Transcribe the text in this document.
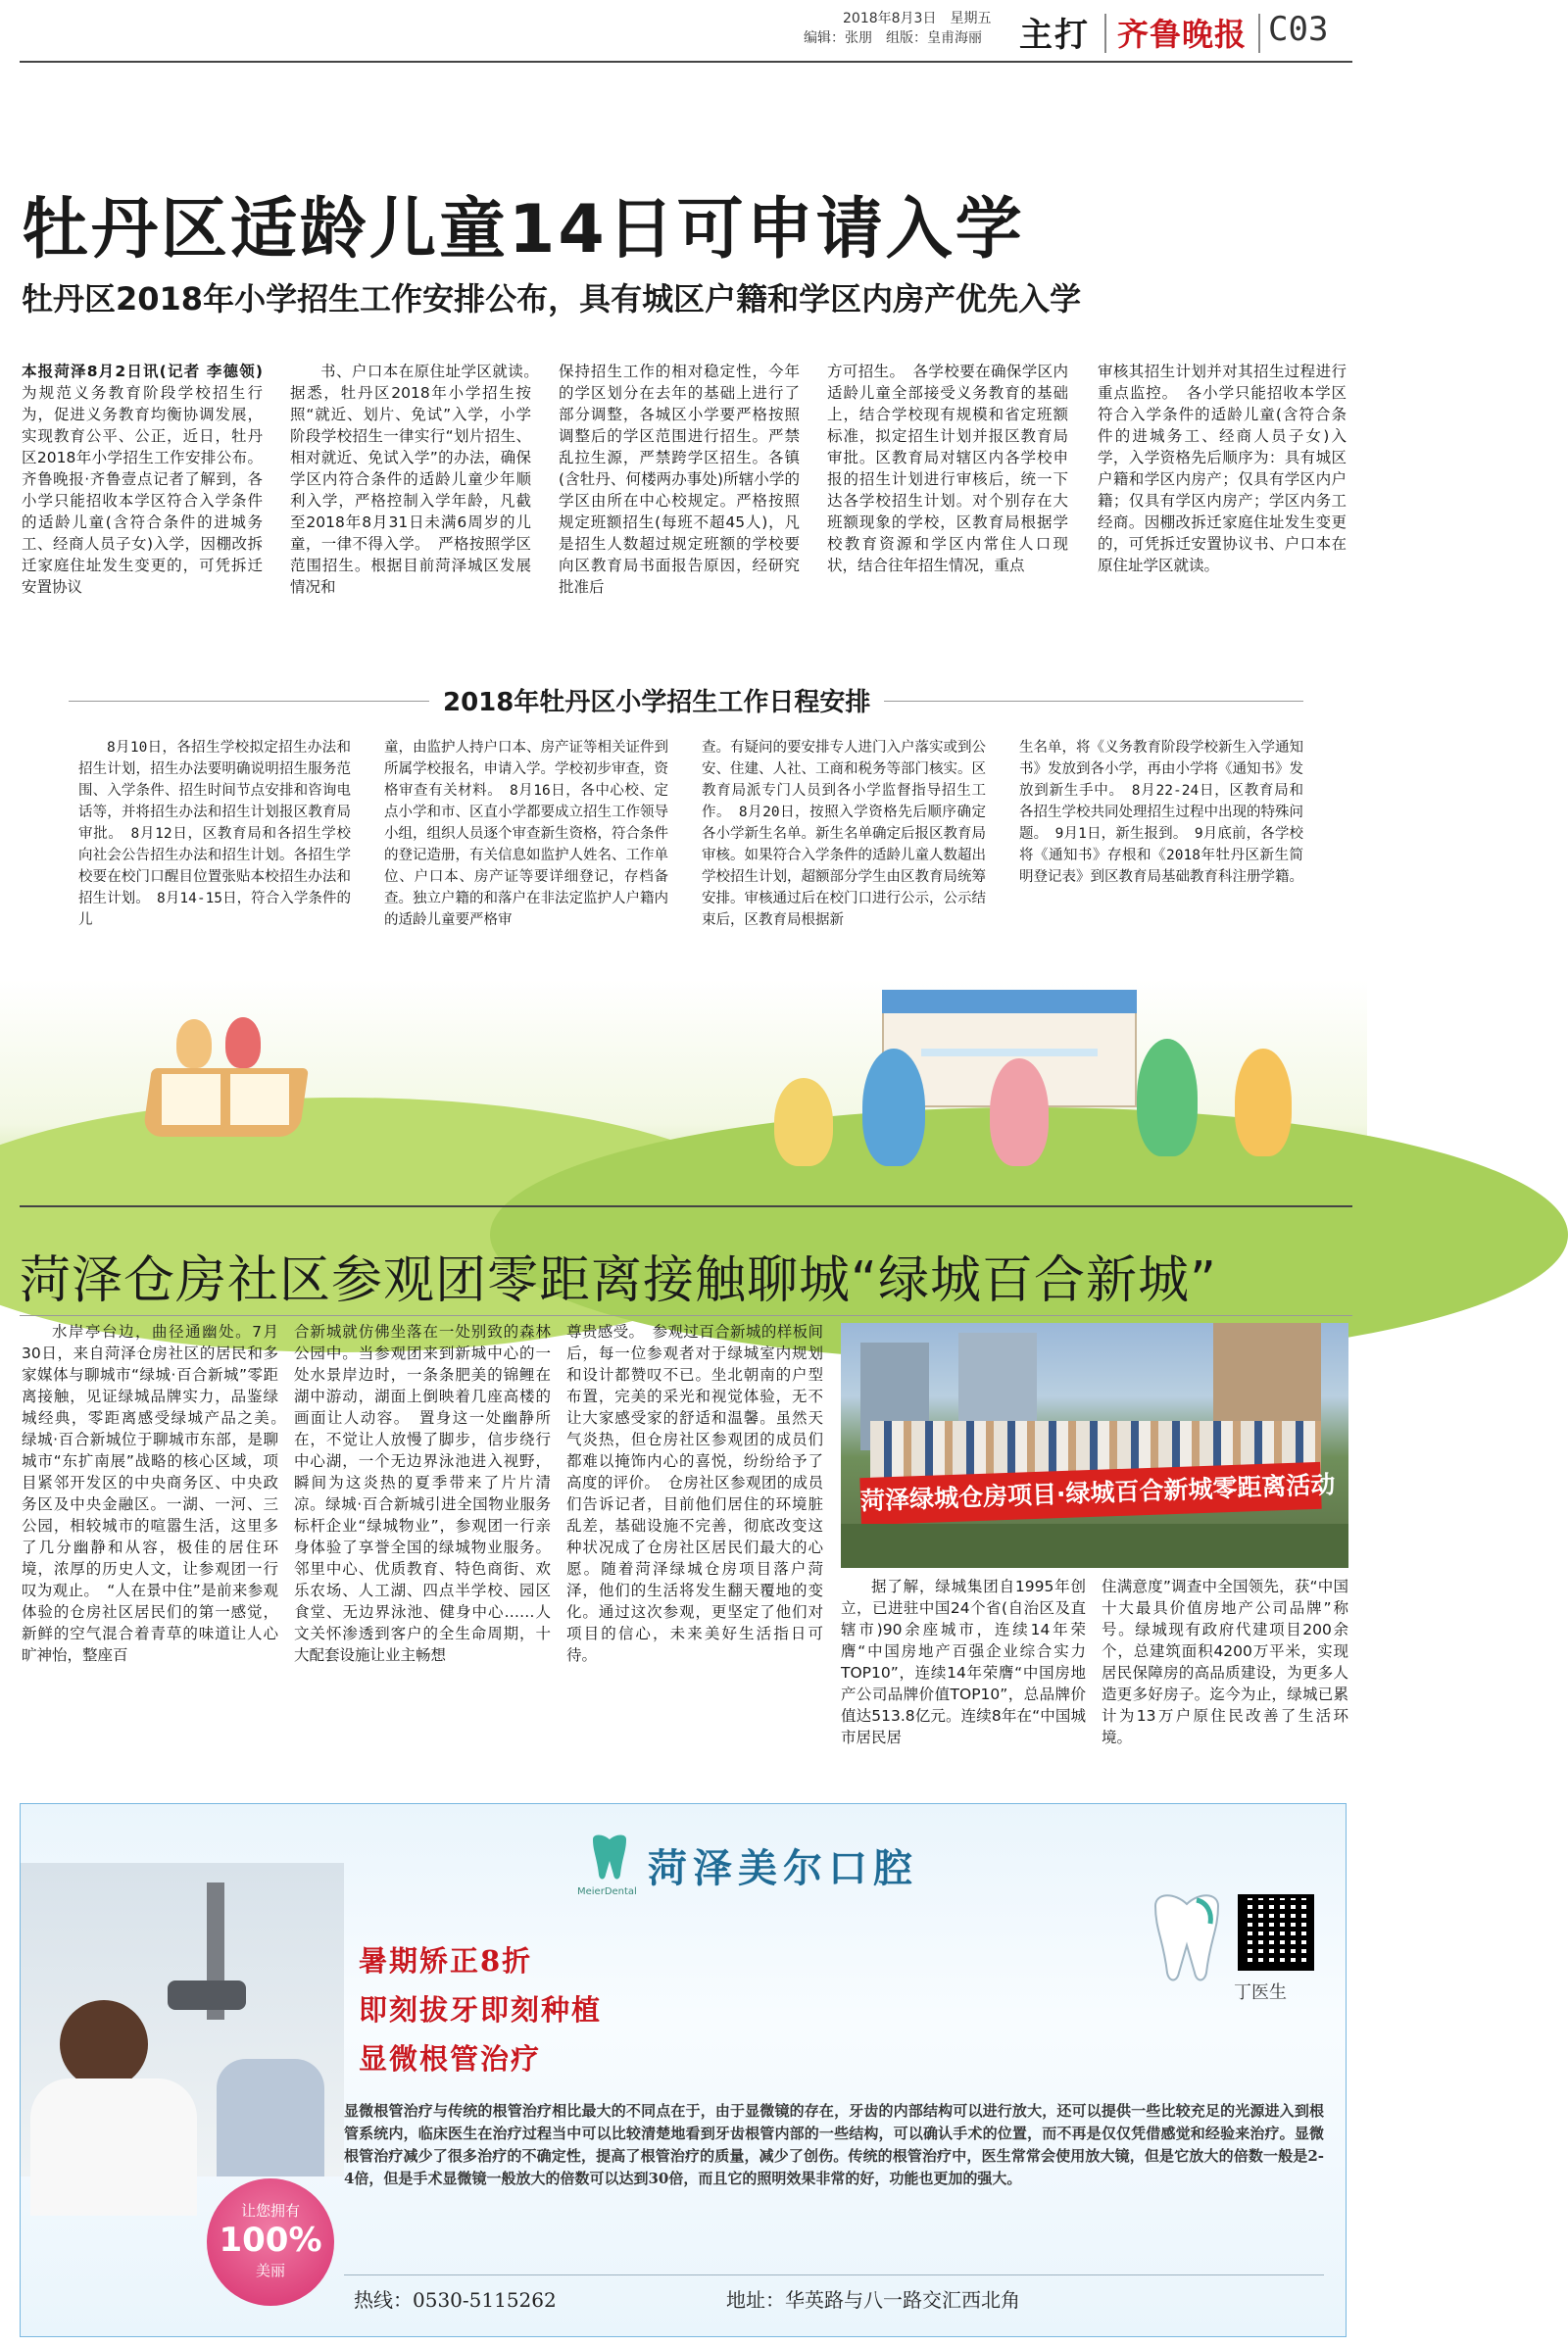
2018年8月3日　星期五
编辑：张朋　组版：皇甫海丽 主打 齐鲁晚报 C03
牡丹区适龄儿童14日可申请入学
牡丹区2018年小学招生工作安排公布，具有城区户籍和学区内房产优先入学

本报菏泽8月2日讯(记者 李德领) 为规范义务教育阶段学校招生行为，促进义务教育均衡协调发展，实现教育公平、公正，近日，牡丹区2018年小学招生工作安排公布。齐鲁晚报·齐鲁壹点记者了解到，各小学只能招收本学区符合入学条件的适龄儿童(含符合条件的进城务工、经商人员子女)入学，因棚改拆迁家庭住址发生变更的，可凭拆迁安置协议

书、户口本在原住址学区就读。　据悉，牡丹区2018年小学招生按照“就近、划片、免试”入学，小学阶段学校招生一律实行“划片招生、相对就近、免试入学”的办法，确保学区内符合条件的适龄儿童少年顺利入学，严格控制入学年龄，凡截至2018年8月31日未满6周岁的儿童，一律不得入学。　严格按照学区范围招生。根据目前菏泽城区发展情况和

保持招生工作的相对稳定性，今年的学区划分在去年的基础上进行了部分调整，各城区小学要严格按照调整后的学区范围进行招生。严禁乱拉生源，严禁跨学区招生。各镇(含牡丹、何楼两办事处)所辖小学的学区由所在中心校规定。严格按照规定班额招生(每班不超45人)，凡是招生人数超过规定班额的学校要向区教育局书面报告原因，经研究批准后

方可招生。　各学校要在确保学区内适龄儿童全部接受义务教育的基础上，结合学校现有规模和省定班额标准，拟定招生计划并报区教育局审批。区教育局对辖区内各学校申报的招生计划进行审核后，统一下达各学校招生计划。对个别存在大班额现象的学校，区教育局根据学校教育资源和学区内常住人口现状，结合往年招生情况，重点

审核其招生计划并对其招生过程进行重点监控。　各小学只能招收本学区符合入学条件的适龄儿童(含符合条件的进城务工、经商人员子女)入学，入学资格先后顺序为：具有城区户籍和学区内房产；仅具有学区内户籍；仅具有学区内房产；学区内务工经商。因棚改拆迁家庭住址发生变更的，可凭拆迁安置协议书、户口本在原住址学区就读。

2018年牡丹区小学招生工作日程安排

8月10日，各招生学校拟定招生办法和招生计划，招生办法要明确说明招生服务范围、入学条件、招生时间节点安排和咨询电话等，并将招生办法和招生计划报区教育局审批。　8月12日，区教育局和各招生学校向社会公告招生办法和招生计划。各招生学校要在校门口醒目位置张贴本校招生办法和招生计划。　8月14-15日，符合入学条件的儿

童，由监护人持户口本、房产证等相关证件到所属学校报名，申请入学。学校初步审查，资格审查有关材料。　8月16日，各中心校、定点小学和市、区直小学都要成立招生工作领导小组，组织人员逐个审查新生资格，符合条件的登记造册，有关信息如监护人姓名、工作单位、户口本、房产证等要详细登记，存档备查。独立户籍的和落户在非法定监护人户籍内的适龄儿童要严格审

查。有疑问的要安排专人进门入户落实或到公安、住建、人社、工商和税务等部门核实。区教育局派专门人员到各小学监督指导招生工作。　8月20日，按照入学资格先后顺序确定各小学新生名单。新生名单确定后报区教育局审核。如果符合入学条件的适龄儿童人数超出学校招生计划，超额部分学生由区教育局统筹安排。审核通过后在校门口进行公示，公示结束后，区教育局根据新

生名单，将《义务教育阶段学校新生入学通知书》发放到各小学，再由小学将《通知书》发放到新生手中。　8月22-24日，区教育局和各招生学校共同处理招生过程中出现的特殊问题。　9月1日，新生报到。　9月底前，各学校将《通知书》存根和《2018年牡丹区新生简明登记表》到区教育局基础教育科注册学籍。

菏泽仓房社区参观团零距离接触聊城“绿城百合新城”

水岸亭台边，曲径通幽处。7月30日，来自菏泽仓房社区的居民和多家媒体与聊城市“绿城·百合新城”零距离接触，见证绿城品牌实力，品鉴绿城经典，零距离感受绿城产品之美。　绿城·百合新城位于聊城市东部，是聊城市“东扩南展”战略的核心区域，项目紧邻开发区的中央商务区、中央政务区及中央金融区。一湖、一河、三公园，相较城市的喧嚣生活，这里多了几分幽静和从容，极佳的居住环境，浓厚的历史人文，让参观团一行叹为观止。　“人在景中住”是前来参观体验的仓房社区居民们的第一感觉，新鲜的空气混合着青草的味道让人心旷神怡，整座百

合新城就仿佛坐落在一处别致的森林公园中。当参观团来到新城中心的一处水景岸边时，一条条肥美的锦鲤在湖中游动，湖面上倒映着几座高楼的画面让人动容。　置身这一处幽静所在，不觉让人放慢了脚步，信步绕行中心湖，一个无边界泳池进入视野，瞬间为这炎热的夏季带来了片片清凉。绿城·百合新城引进全国物业服务标杆企业“绿城物业”，参观团一行亲身体验了享誉全国的绿城物业服务。邻里中心、优质教育、特色商街、欢乐农场、人工湖、四点半学校、园区食堂、无边界泳池、健身中心……人文关怀渗透到客户的全生命周期，十大配套设施让业主畅想

尊贵感受。　参观过百合新城的样板间后，每一位参观者对于绿城室内规划和设计都赞叹不已。坐北朝南的户型布置，完美的采光和视觉体验，无不让大家感受家的舒适和温馨。虽然天气炎热，但仓房社区参观团的成员们都难以掩饰内心的喜悦，纷纷给予了高度的评价。　仓房社区参观团的成员们告诉记者，目前他们居住的环境脏乱差，基础设施不完善，彻底改变这种状况成了仓房社区居民们最大的心愿。随着菏泽绿城仓房项目落户菏泽，他们的生活将发生翻天覆地的变化。通过这次参观，更坚定了他们对项目的信心，未来美好生活指日可待。

菏泽绿城仓房项目·绿城百合新城零距离活动

据了解，绿城集团自1995年创立，已进驻中国24个省(自治区及直辖市)90余座城市，连续14年荣膺“中国房地产百强企业综合实力TOP10”，连续14年荣膺“中国房地产公司品牌价值TOP10”，总品牌价值达513.8亿元。连续8年在“中国城市居民居

住满意度”调查中全国领先，获“中国十大最具价值房地产公司品牌”称号。绿城现有政府代建项目200余个，总建筑面积4200万平米，实现居民保障房的高品质建设，为更多人造更多好房子。迄今为止，绿城已累计为13万户原住民改善了生活环境。

MeierDental
菏泽美尔口腔
暑期矫正8折
即刻拔牙即刻种植
显微根管治疗
丁医生
显微根管治疗与传统的根管治疗相比最大的不同点在于，由于显微镜的存在，牙齿的内部结构可以进行放大，还可以提供一些比较充足的光源进入到根管系统内，临床医生在治疗过程当中可以比较清楚地看到牙齿根管内部的一些结构，可以确认手术的位置，而不再是仅仅凭借感觉和经验来治疗。显微根管治疗减少了很多治疗的不确定性，提高了根管治疗的质量，减少了创伤。传统的根管治疗中，医生常常会使用放大镜，但是它放大的倍数一般是2-4倍，但是手术显微镜一般放大的倍数可以达到30倍，而且它的照明效果非常的好，功能也更加的强大。
让您拥有
100%
美丽
热线：0530-5115262	地址：华英路与八一路交汇西北角
